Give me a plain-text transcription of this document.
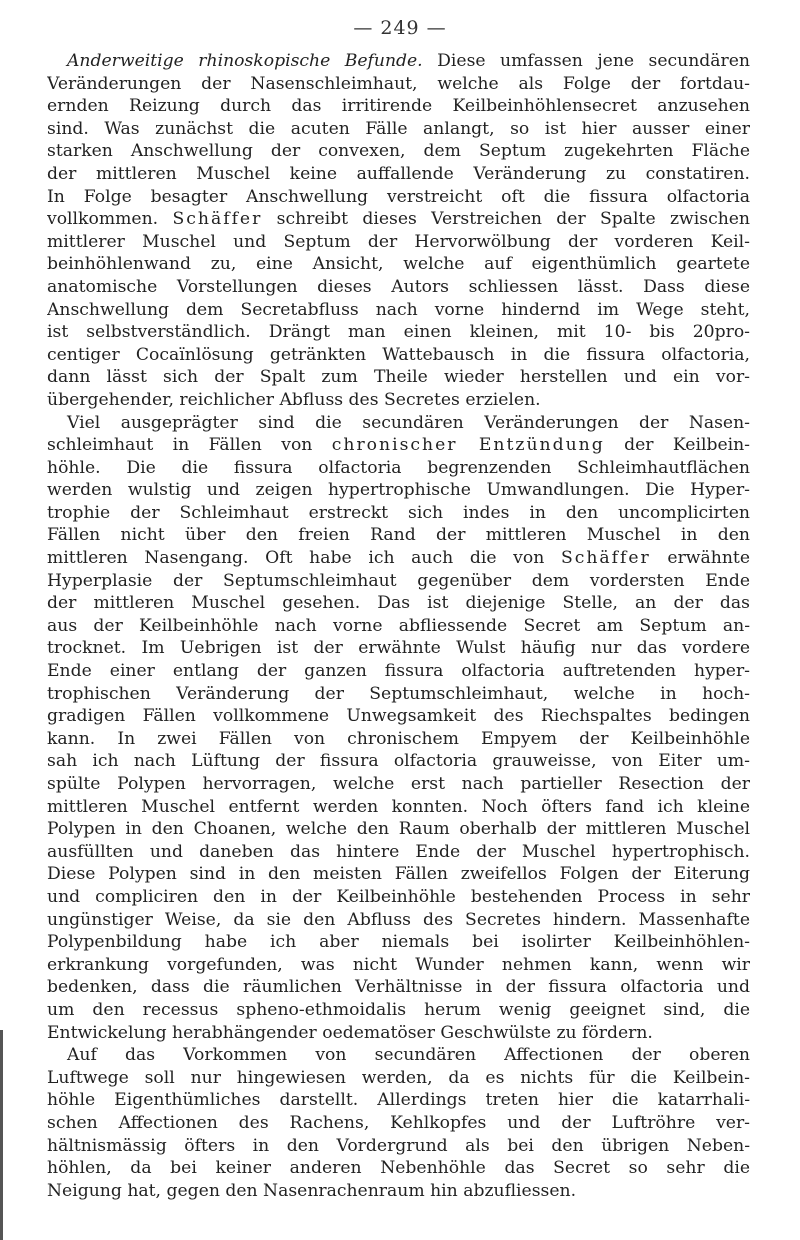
— 249 —
Anderweitige rhinoskopische Befunde. Diese umfassen jene secundären
Veränderungen der Nasenschleimhaut, welche als Folge der fortdau-
ernden Reizung durch das irritirende Keilbeinhöhlensecret anzusehen
sind. Was zunächst die acuten Fälle anlangt, so ist hier ausser einer
starken Anschwellung der convexen, dem Septum zugekehrten Fläche
der mittleren Muschel keine auffallende Veränderung zu constatiren.
In Folge besagter Anschwellung verstreicht oft die fissura olfactoria
vollkommen. Schäffer schreibt dieses Verstreichen der Spalte zwischen
mittlerer Muschel und Septum der Hervorwölbung der vorderen Keil-
beinhöhlenwand zu, eine Ansicht, welche auf eigenthümlich geartete
anatomische Vorstellungen dieses Autors schliessen lässt. Dass diese
Anschwellung dem Secretabfluss nach vorne hindernd im Wege steht,
ist selbstverständlich. Drängt man einen kleinen, mit 10- bis 20pro-
centiger Cocaïnlösung getränkten Wattebausch in die fissura olfactoria,
dann lässt sich der Spalt zum Theile wieder herstellen und ein vor-
übergehender, reichlicher Abfluss des Secretes erzielen.
Viel ausgeprägter sind die secundären Veränderungen der Nasen-
schleimhaut in Fällen von chronischer Entzündung der Keilbein-
höhle. Die die fissura olfactoria begrenzenden Schleimhautflächen
werden wulstig und zeigen hypertrophische Umwandlungen. Die Hyper-
trophie der Schleimhaut erstreckt sich indes in den uncomplicirten
Fällen nicht über den freien Rand der mittleren Muschel in den
mittleren Nasengang. Oft habe ich auch die von Schäffer erwähnte
Hyperplasie der Septumschleimhaut gegenüber dem vordersten Ende
der mittleren Muschel gesehen. Das ist diejenige Stelle, an der das
aus der Keilbeinhöhle nach vorne abfliessende Secret am Septum an-
trocknet. Im Uebrigen ist der erwähnte Wulst häufig nur das vordere
Ende einer entlang der ganzen fissura olfactoria auftretenden hyper-
trophischen Veränderung der Septumschleimhaut, welche in hoch-
gradigen Fällen vollkommene Unwegsamkeit des Riechspaltes bedingen
kann. In zwei Fällen von chronischem Empyem der Keilbeinhöhle
sah ich nach Lüftung der fissura olfactoria grauweisse, von Eiter um-
spülte Polypen hervorragen, welche erst nach partieller Resection der
mittleren Muschel entfernt werden konnten. Noch öfters fand ich kleine
Polypen in den Choanen, welche den Raum oberhalb der mittleren Muschel
ausfüllten und daneben das hintere Ende der Muschel hypertrophisch.
Diese Polypen sind in den meisten Fällen zweifellos Folgen der Eiterung
und compliciren den in der Keilbeinhöhle bestehenden Process in sehr
ungünstiger Weise, da sie den Abfluss des Secretes hindern. Massenhafte
Polypenbildung habe ich aber niemals bei isolirter Keilbeinhöhlen-
erkrankung vorgefunden, was nicht Wunder nehmen kann, wenn wir
bedenken, dass die räumlichen Verhältnisse in der fissura olfactoria und
um den recessus spheno-ethmoidalis herum wenig geeignet sind, die
Entwickelung herabhängender oedematöser Geschwülste zu fördern.
Auf das Vorkommen von secundären Affectionen der oberen
Luftwege soll nur hingewiesen werden, da es nichts für die Keilbein-
höhle Eigenthümliches darstellt. Allerdings treten hier die katarrhali-
schen Affectionen des Rachens, Kehlkopfes und der Luftröhre ver-
hältnismässig öfters in den Vordergrund als bei den übrigen Neben-
höhlen, da bei keiner anderen Nebenhöhle das Secret so sehr die
Neigung hat, gegen den Nasenrachenraum hin abzufliessen.
